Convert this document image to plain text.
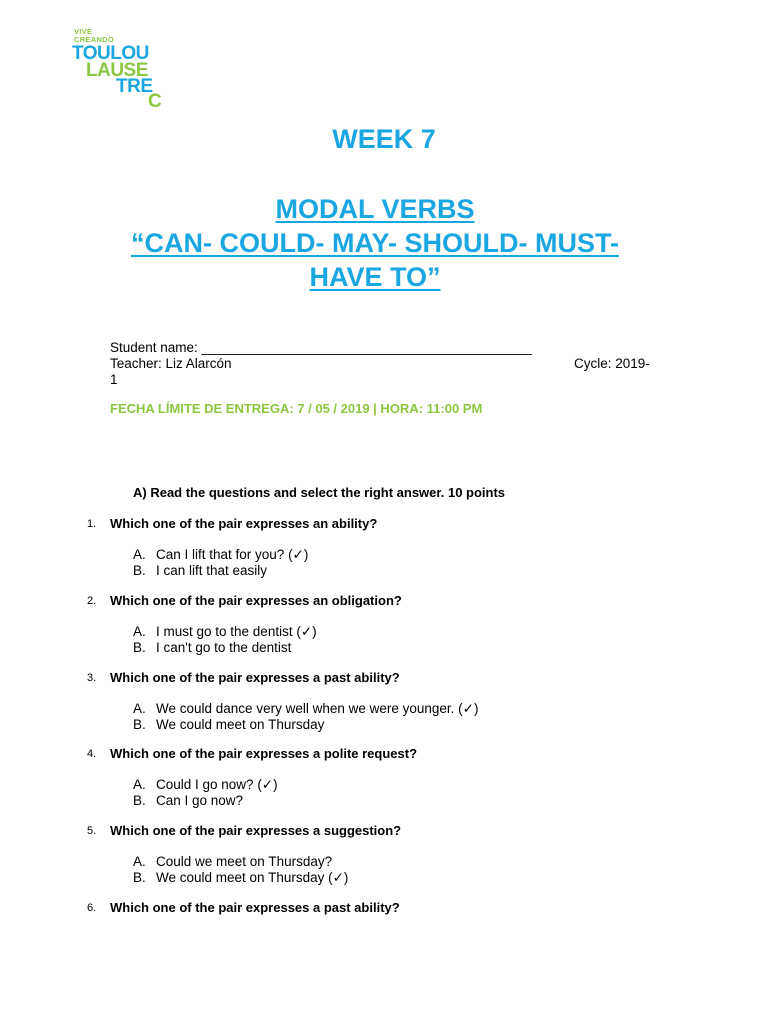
VIVE
CREANDO
TOULOU
LAUSE
TRE
C
WEEK 7
MODAL VERBS
“CAN- COULD- MAY- SHOULD- MUST-
HAVE TO”
Student name: ____________________________________________
Teacher: Liz Alarcón	Cycle: 2019-
1
FECHA LÍMITE DE ENTREGA: 7 / 05 / 2019 | HORA: 11:00 PM
A) Read the questions and select the right answer. 10 points
1. Which one of the pair expresses an ability?
A. Can I lift that for you? (✓)
B. I can lift that easily
2. Which one of the pair expresses an obligation?
A. I must go to the dentist (✓)
B. I can't go to the dentist
3. Which one of the pair expresses a past ability?
A. We could dance very well when we were younger. (✓)
B. We could meet on Thursday
4. Which one of the pair expresses a polite request?
A. Could I go now? (✓)
B. Can I go now?
5. Which one of the pair expresses a suggestion?
A. Could we meet on Thursday?
B. We could meet on Thursday (✓)
6. Which one of the pair expresses a past ability?
